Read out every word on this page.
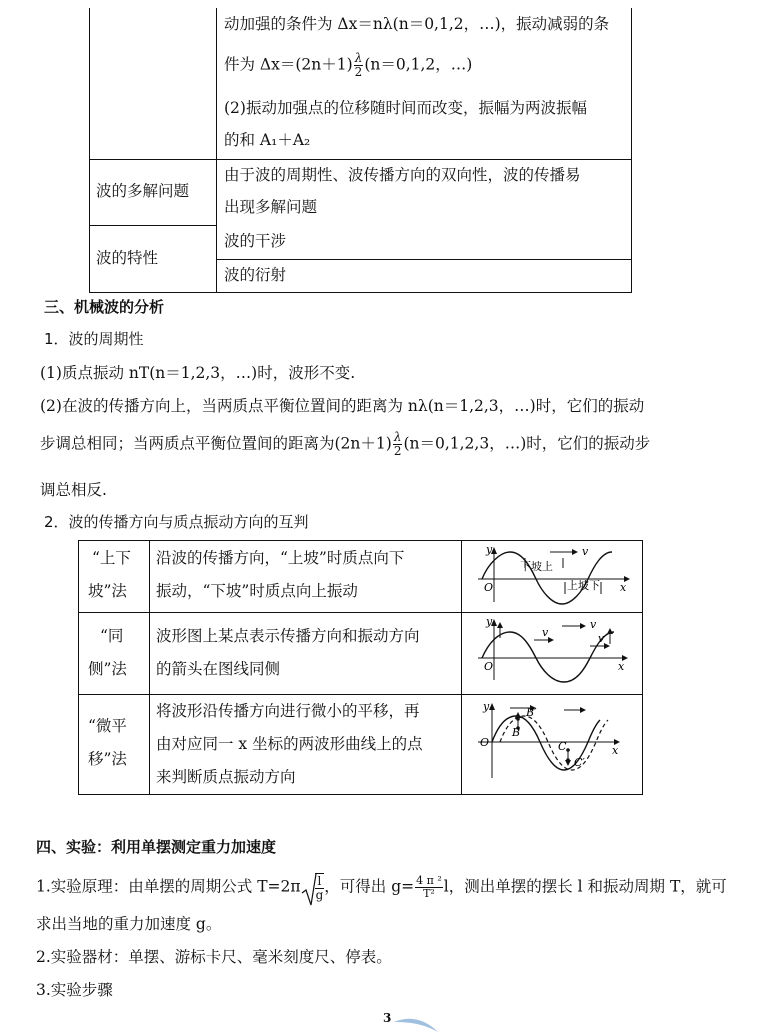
动加强的条件为 Δx＝nλ(n＝0,1,2，…)，振动减弱的条
件为 $\Delta x=(2n+1) \frac{\lambda}{2} (n=0,1,2$，…)
(2)振动加强点的位移随时间而改变，振幅为两波振幅
的和 A₁＋A₂
波的多解问题
由于波的周期性、波传播方向的双向性，波的传播易
出现多解问题
波的特性
波的干涉
波的衍射
三、机械波的分析
1．波的周期性
(1)质点振动 nT(n＝1,2,3，…)时，波形不变.
(2)在波的传播方向上，当两质点平衡位置间的距离为 nλ(n＝1,2,3，…)时，它们的振动
步调总相同；当两质点平衡位置间的距离为$(2n+1) \frac{\lambda}{2} (n=0,1,2,3$，…)时，它们的振动步
调总相反.
2．波的传播方向与质点振动方向的互判
“上下
坡”法
沿波的传播方向，“上坡”时质点向下
振动，“下坡”时质点向上振动
“同
侧”法
波形图上某点表示传播方向和振动方向
的箭头在图线同侧
“微平
移”法
将波形沿传播方向进行微小的平移，再
由对应同一 x 坐标的两波形曲线上的点
来判断质点振动方向
v
下坡上
上坡下
O	x
y
v
v
v
O	x
y
B′
B
C
C′
O
x
y
四、实验：利用单摆测定重力加速度
1.实验原理：由单摆的周期公式 $T=2\pi \frac{l}{g}$ ，可得出 $g= \frac{\text{4 π ²}}{\text{T²}}$ l，测出单摆的摆长 l 和振动周期 T，就可
求出当地的重力加速度 g。
2.实验器材：单摆、游标卡尺、毫米刻度尺、停表。
3.实验步骤
3
